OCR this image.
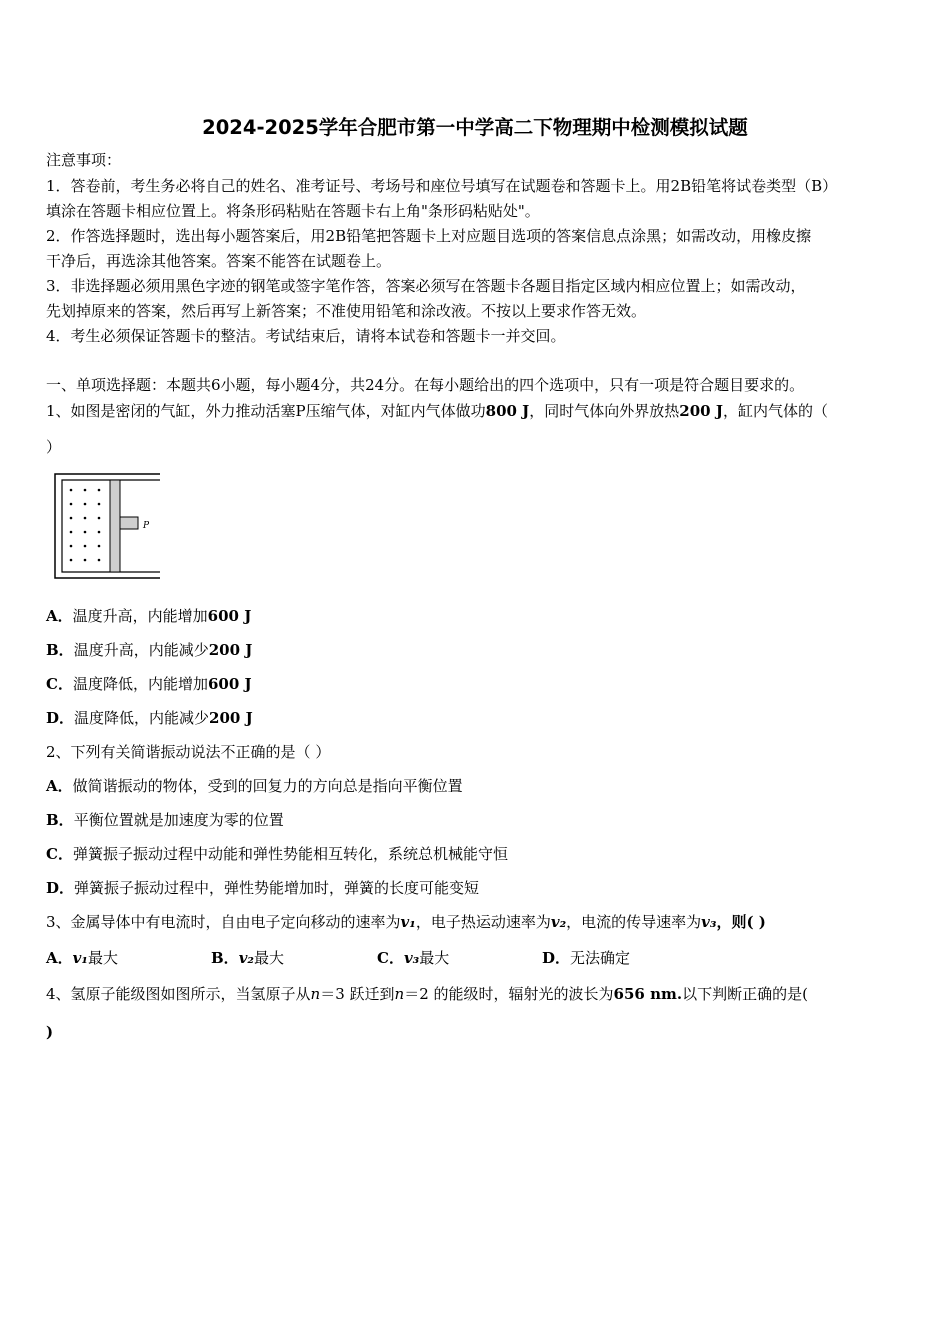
2024-2025学年合肥市第一中学高二下物理期中检测模拟试题
注意事项：
1．答卷前，考生务必将自己的姓名、准考证号、考场号和座位号填写在试题卷和答题卡上。用2B铅笔将试卷类型（B）
填涂在答题卡相应位置上。将条形码粘贴在答题卡右上角"条形码粘贴处"。
2．作答选择题时，选出每小题答案后，用2B铅笔把答题卡上对应题目选项的答案信息点涂黑；如需改动，用橡皮擦
干净后，再选涂其他答案。答案不能答在试题卷上。
3．非选择题必须用黑色字迹的钢笔或签字笔作答，答案必须写在答题卡各题目指定区域内相应位置上；如需改动，
先划掉原来的答案，然后再写上新答案；不准使用铅笔和涂改液。不按以上要求作答无效。
4．考生必须保证答题卡的整洁。考试结束后，请将本试卷和答题卡一并交回。
一、单项选择题：本题共6小题，每小题4分，共24分。在每小题给出的四个选项中，只有一项是符合题目要求的。
1、如图是密闭的气缸，外力推动活塞P压缩气体，对缸内气体做功800 J，同时气体向外界放热200 J，缸内气体的（
）
P
A．温度升高，内能增加600 J
B．温度升高，内能减少200 J
C．温度降低，内能增加600 J
D．温度降低，内能减少200 J
2、下列有关简谐振动说法不正确的是（ ）
A．做简谐振动的物体，受到的回复力的方向总是指向平衡位置
B．平衡位置就是加速度为零的位置
C．弹簧振子振动过程中动能和弹性势能相互转化，系统总机械能守恒
D．弹簧振子振动过程中，弹性势能增加时，弹簧的长度可能变短
3、金属导体中有电流时，自由电子定向移动的速率为v₁，电子热运动速率为v₂，电流的传导速率为v₃，则( )
A．v₁最大	B．v₂最大	C．v₃最大	D．无法确定
4、氢原子能级图如图所示，当氢原子从n＝3 跃迁到n＝2 的能级时，辐射光的波长为656 nm.以下判断正确的是(
)
